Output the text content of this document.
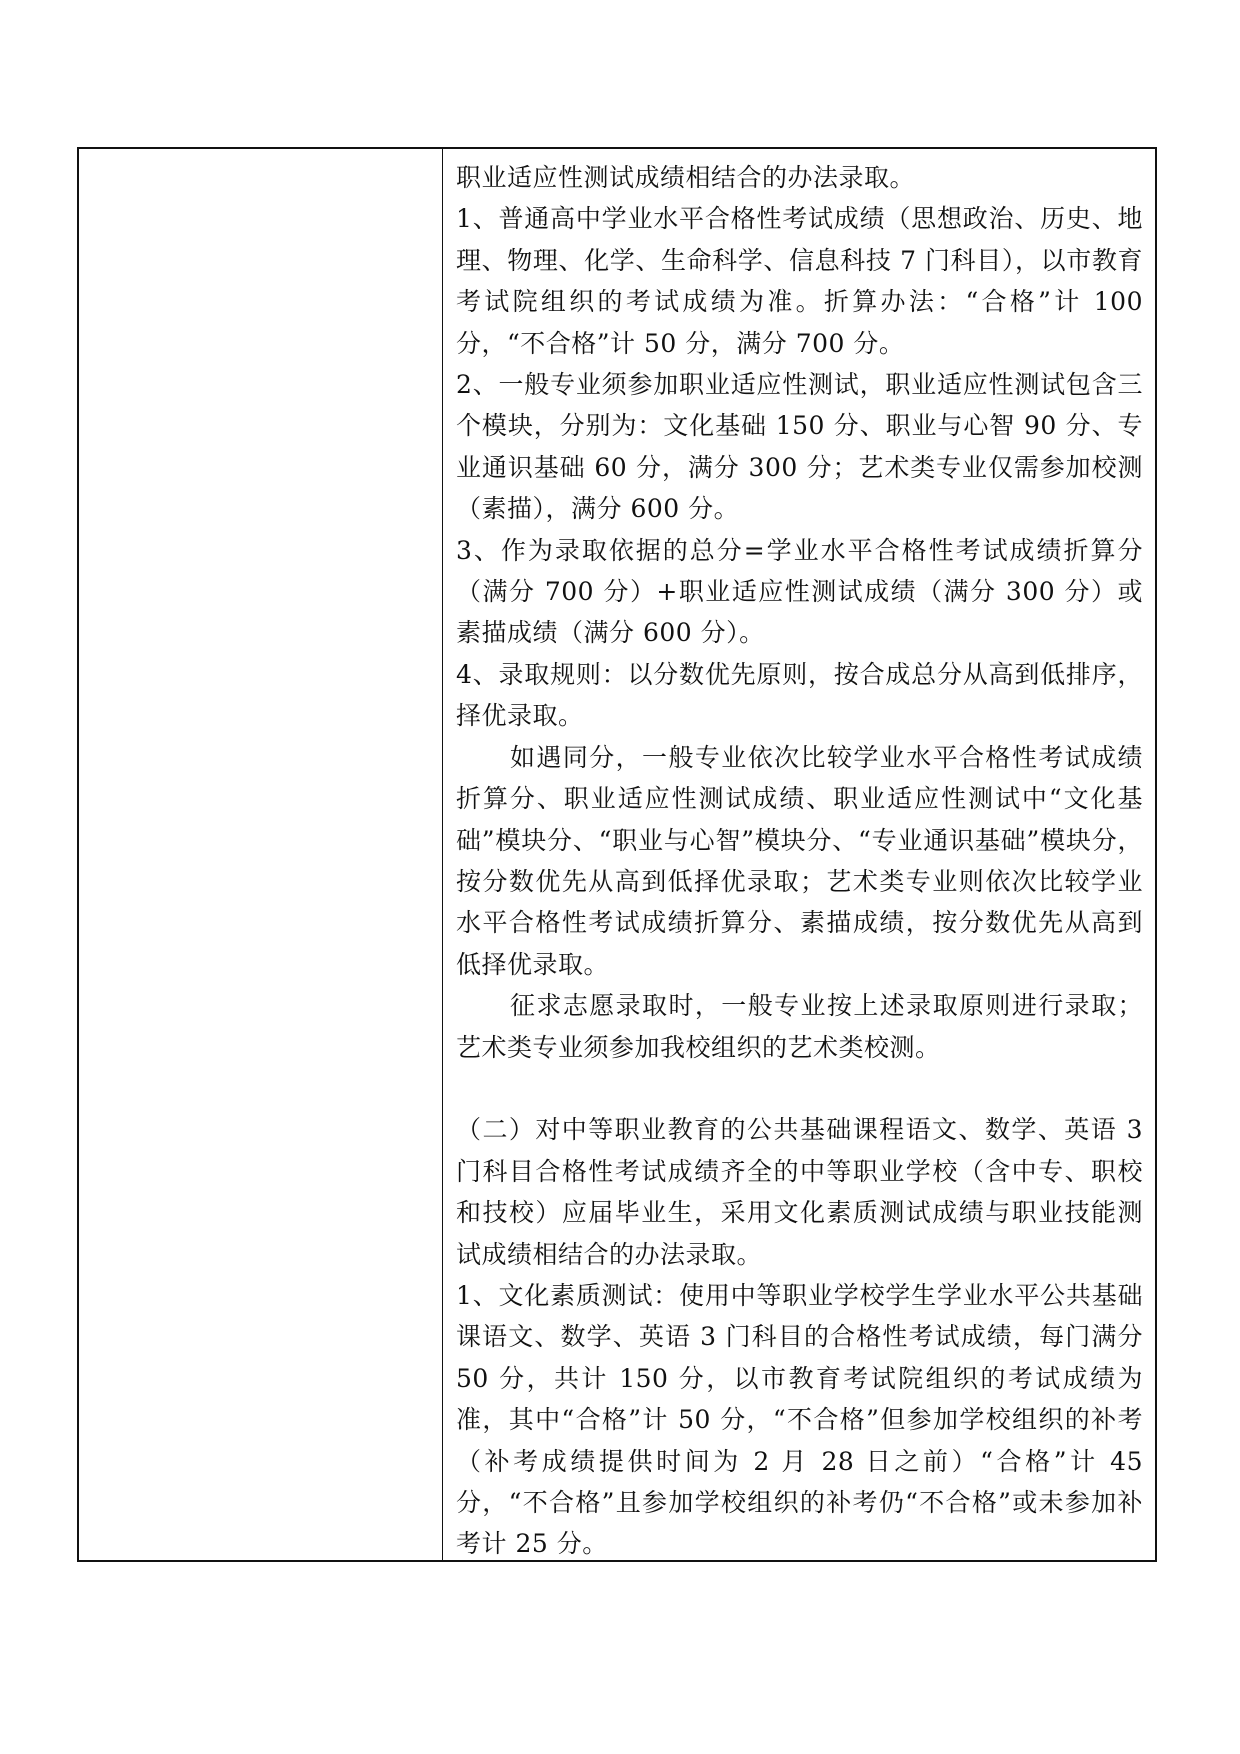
职业适应性测试成绩相结合的办法录取。

1、普通高中学业水平合格性考试成绩（思想政治、历史、地理、物理、化学、生命科学、信息科技 7 门科目），以市教育考试院组织的考试成绩为准。折算办法：“合格”计 100 分，“不合格”计 50 分，满分 700 分。

2、一般专业须参加职业适应性测试，职业适应性测试包含三个模块，分别为：文化基础 150 分、职业与心智 90 分、专业通识基础 60 分，满分 300 分；艺术类专业仅需参加校测（素描），满分 600 分。

3、作为录取依据的总分=学业水平合格性考试成绩折算分（满分 700 分）+职业适应性测试成绩（满分 300 分）或素描成绩（满分 600 分）。

4、录取规则：以分数优先原则，按合成总分从高到低排序，择优录取。

如遇同分，一般专业依次比较学业水平合格性考试成绩折算分、职业适应性测试成绩、职业适应性测试中“文化基础”模块分、“职业与心智”模块分、“专业通识基础”模块分，按分数优先从高到低择优录取；艺术类专业则依次比较学业水平合格性考试成绩折算分、素描成绩，按分数优先从高到低择优录取。

征求志愿录取时，一般专业按上述录取原则进行录取；艺术类专业须参加我校组织的艺术类校测。

（二）对中等职业教育的公共基础课程语文、数学、英语 3 门科目合格性考试成绩齐全的中等职业学校（含中专、职校和技校）应届毕业生，采用文化素质测试成绩与职业技能测试成绩相结合的办法录取。

1、文化素质测试：使用中等职业学校学生学业水平公共基础课语文、数学、英语 3 门科目的合格性考试成绩，每门满分 50 分，共计 150 分，以市教育考试院组织的考试成绩为准，其中“合格”计 50 分，“不合格”但参加学校组织的补考（补考成绩提供时间为 2 月 28 日之前）“合格”计 45 分，“不合格”且参加学校组织的补考仍“不合格”或未参加补考计 25 分。
